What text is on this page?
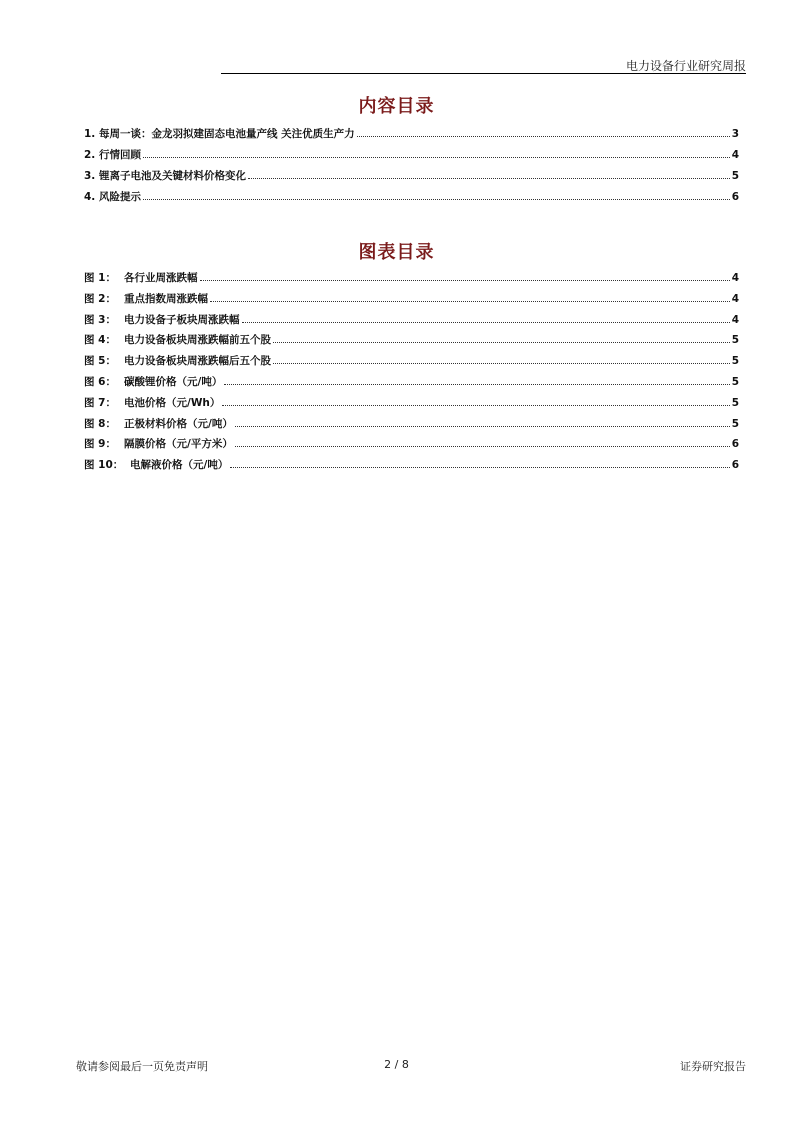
电力设备行业研究周报
内容目录
1. 每周一谈：金龙羽拟建固态电池量产线 关注优质生产力	3
2. 行情回顾	4
3. 锂离子电池及关键材料价格变化	5
4. 风险提示	6
图表目录
图 1： 各行业周涨跌幅	4
图 2： 重点指数周涨跌幅	4
图 3： 电力设备子板块周涨跌幅	4
图 4： 电力设备板块周涨跌幅前五个股	5
图 5： 电力设备板块周涨跌幅后五个股	5
图 6： 碳酸锂价格（元/吨）	5
图 7： 电池价格（元/Wh）	5
图 8： 正极材料价格（元/吨）	5
图 9： 隔膜价格（元/平方米）	6
图 10： 电解液价格（元/吨）	6
敬请参阅最后一页免责声明	2 / 8	证券研究报告
